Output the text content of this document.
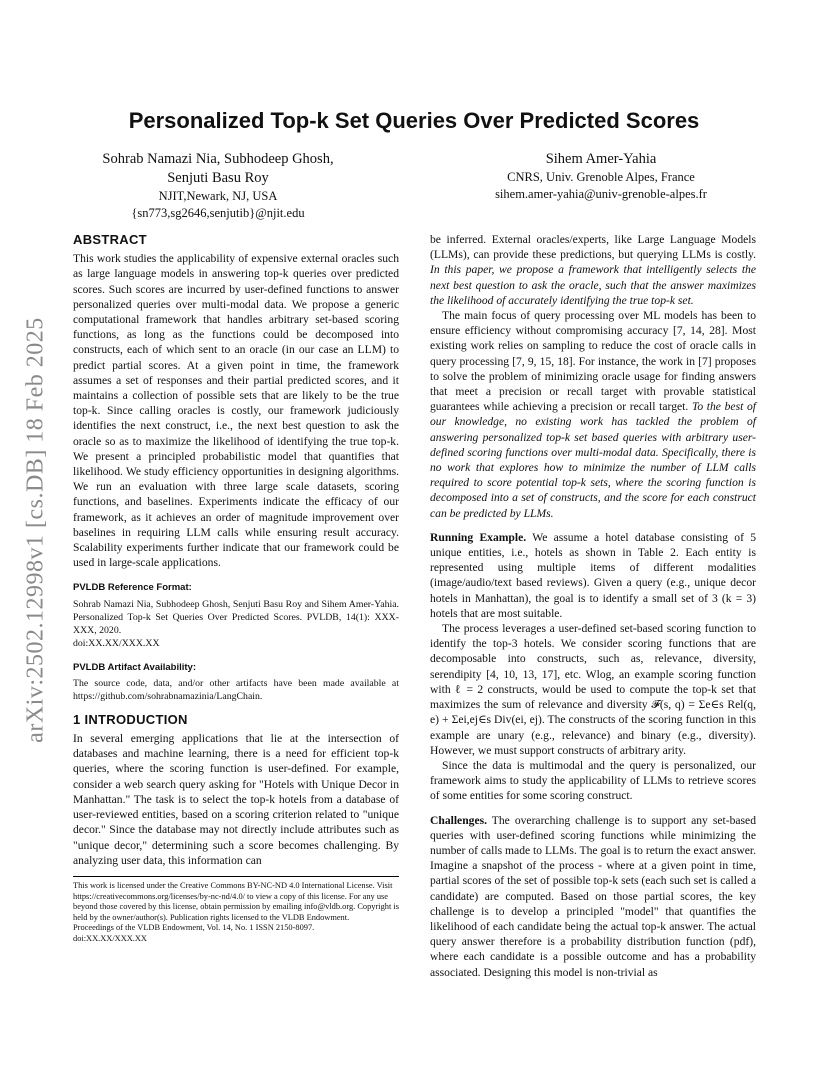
arXiv:2502.12998v1 [cs.DB] 18 Feb 2025
Personalized Top-k Set Queries Over Predicted Scores
Sohrab Namazi Nia, Subhodeep Ghosh, Senjuti Basu Roy
NJIT,Newark, NJ, USA
{sn773,sg2646,senjutib}@njit.edu
Sihem Amer-Yahia
CNRS, Univ. Grenoble Alpes, France
sihem.amer-yahia@univ-grenoble-alpes.fr
ABSTRACT

This work studies the applicability of expensive external oracles such as large language models in answering top-k queries over predicted scores. Such scores are incurred by user-defined functions to answer personalized queries over multi-modal data. We propose a generic computational framework that handles arbitrary set-based scoring functions, as long as the functions could be decomposed into constructs, each of which sent to an oracle (in our case an LLM) to predict partial scores. At a given point in time, the framework assumes a set of responses and their partial predicted scores, and it maintains a collection of possible sets that are likely to be the true top-k. Since calling oracles is costly, our framework judiciously identifies the next construct, i.e., the next best question to ask the oracle so as to maximize the likelihood of identifying the true top-k. We present a principled probabilistic model that quantifies that likelihood. We study efficiency opportunities in designing algorithms. We run an evaluation with three large scale datasets, scoring functions, and baselines. Experiments indicate the efficacy of our framework, as it achieves an order of magnitude improvement over baselines in requiring LLM calls while ensuring result accuracy. Scalability experiments further indicate that our framework could be used in large-scale applications.

PVLDB Reference Format:

Sohrab Namazi Nia, Subhodeep Ghosh, Senjuti Basu Roy and Sihem Amer-Yahia. Personalized Top-k Set Queries Over Predicted Scores. PVLDB, 14(1): XXX-XXX, 2020.

doi:XX.XX/XXX.XX

PVLDB Artifact Availability:

The source code, data, and/or other artifacts have been made available at https://github.com/sohrabnamazinia/LangChain.

1 INTRODUCTION

In several emerging applications that lie at the intersection of databases and machine learning, there is a need for efficient top-k queries, where the scoring function is user-defined. For example, consider a web search query asking for "Hotels with Unique Decor in Manhattan." The task is to select the top-k hotels from a database of user-reviewed entities, based on a scoring criterion related to "unique decor." Since the database may not directly include attributes such as "unique decor," determining such a score becomes challenging. By analyzing user data, this information can

This work is licensed under the Creative Commons BY-NC-ND 4.0 International License. Visit https://creativecommons.org/licenses/by-nc-nd/4.0/ to view a copy of this license. For any use beyond those covered by this license, obtain permission by emailing info@vldb.org. Copyright is held by the owner/author(s). Publication rights licensed to the VLDB Endowment.

Proceedings of the VLDB Endowment, Vol. 14, No. 1 ISSN 2150-8097.

doi:XX.XX/XXX.XX

be inferred. External oracles/experts, like Large Language Models (LLMs), can provide these predictions, but querying LLMs is costly. In this paper, we propose a framework that intelligently selects the next best question to ask the oracle, such that the answer maximizes the likelihood of accurately identifying the true top-k set.

The main focus of query processing over ML models has been to ensure efficiency without compromising accuracy [7, 14, 28]. Most existing work relies on sampling to reduce the cost of oracle calls in query processing [7, 9, 15, 18]. For instance, the work in [7] proposes to solve the problem of minimizing oracle usage for finding answers that meet a precision or recall target with provable statistical guarantees while achieving a precision or recall target. To the best of our knowledge, no existing work has tackled the problem of answering personalized top-k set based queries with arbitrary user-defined scoring functions over multi-modal data. Specifically, there is no work that explores how to minimize the number of LLM calls required to score potential top-k sets, where the scoring function is decomposed into a set of constructs, and the score for each construct can be predicted by LLMs.

Running Example. We assume a hotel database consisting of 5 unique entities, i.e., hotels as shown in Table 2. Each entity is represented using multiple items of different modalities (image/audio/text based reviews). Given a query (e.g., unique decor hotels in Manhattan), the goal is to identify a small set of 3 (k = 3) hotels that are most suitable.

The process leverages a user-defined set-based scoring function to identify the top-3 hotels. We consider scoring functions that are decomposable into constructs, such as, relevance, diversity, serendipity [4, 10, 13, 17], etc. Wlog, an example scoring function with ℓ = 2 constructs, would be used to compute the top-k set that maximizes the sum of relevance and diversity 𝓕(s, q) = Σe∈s Rel(q, e) + Σei,ej∈s Div(ei, ej). The constructs of the scoring function in this example are unary (e.g., relevance) and binary (e.g., diversity). However, we must support constructs of arbitrary arity.

Since the data is multimodal and the query is personalized, our framework aims to study the applicability of LLMs to retrieve scores of some entities for some scoring construct.

Challenges. The overarching challenge is to support any set-based queries with user-defined scoring functions while minimizing the number of calls made to LLMs. The goal is to return the exact answer. Imagine a snapshot of the process - where at a given point in time, partial scores of the set of possible top-k sets (each such set is called a candidate) are computed. Based on those partial scores, the key challenge is to develop a principled "model" that quantifies the likelihood of each candidate being the actual top-k answer. The actual query answer therefore is a probability distribution function (pdf), where each candidate is a possible outcome and has a probability associated. Designing this model is non-trivial as
